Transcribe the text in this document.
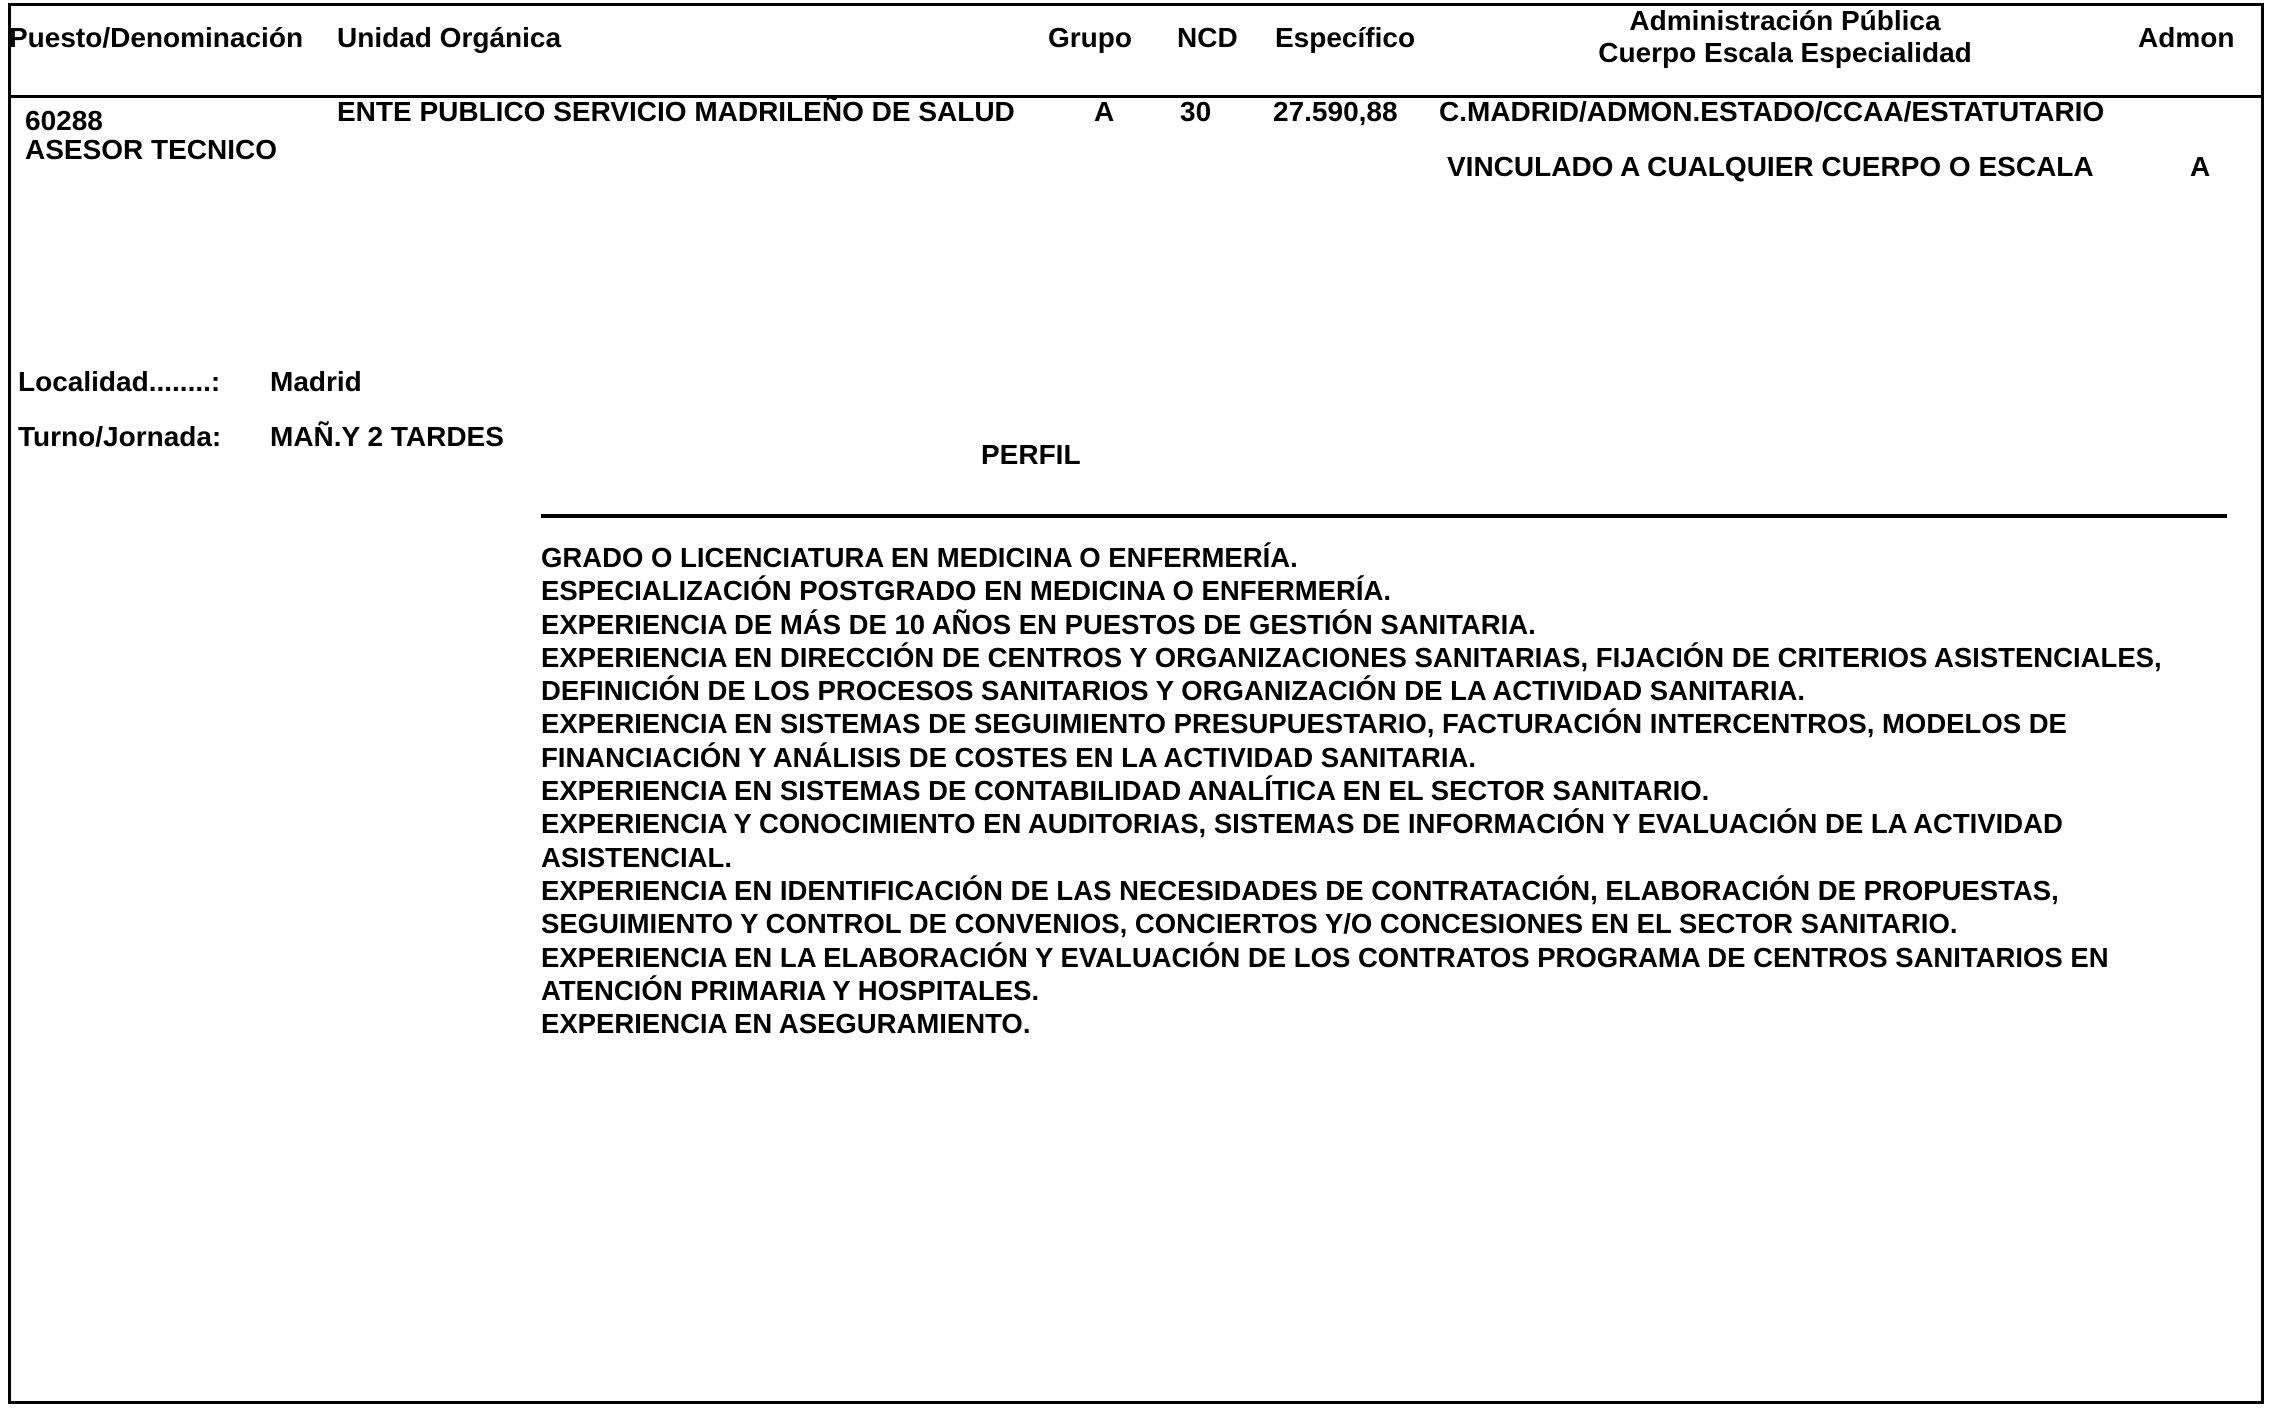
Puesto/Denominación Unidad Orgánica	Grupo NCD Específico
Administración Pública
Cuerpo Escala Especialidad	Admon
60288
ASESOR TECNICO
ENTE PUBLICO SERVICIO MADRILEÑO DE SALUD	A 30 27.590,88 C.MADRID/ADMON.ESTADO/CCAA/ESTATUTARIO
VINCULADO A CUALQUIER CUERPO O ESCALA	A
Localidad........: Madrid
Turno/Jornada: MAÑ.Y 2 TARDES
PERFIL
GRADO O LICENCIATURA EN MEDICINA O ENFERMERÍA.
ESPECIALIZACIÓN POSTGRADO EN MEDICINA O ENFERMERÍA.
EXPERIENCIA DE MÁS DE 10 AÑOS EN PUESTOS DE GESTIÓN SANITARIA.
EXPERIENCIA EN DIRECCIÓN DE CENTROS Y ORGANIZACIONES SANITARIAS, FIJACIÓN DE CRITERIOS ASISTENCIALES,
DEFINICIÓN DE LOS PROCESOS SANITARIOS Y ORGANIZACIÓN DE LA ACTIVIDAD SANITARIA.
EXPERIENCIA EN SISTEMAS DE SEGUIMIENTO PRESUPUESTARIO, FACTURACIÓN INTERCENTROS, MODELOS DE
FINANCIACIÓN Y ANÁLISIS DE COSTES EN LA ACTIVIDAD SANITARIA.
EXPERIENCIA EN SISTEMAS DE CONTABILIDAD ANALÍTICA EN EL SECTOR SANITARIO.
EXPERIENCIA Y CONOCIMIENTO EN AUDITORIAS, SISTEMAS DE INFORMACIÓN Y EVALUACIÓN DE LA ACTIVIDAD
ASISTENCIAL.
EXPERIENCIA EN IDENTIFICACIÓN DE LAS NECESIDADES DE CONTRATACIÓN, ELABORACIÓN DE PROPUESTAS,
SEGUIMIENTO Y CONTROL DE CONVENIOS, CONCIERTOS Y/O CONCESIONES EN EL SECTOR SANITARIO.
EXPERIENCIA EN LA ELABORACIÓN Y EVALUACIÓN DE LOS CONTRATOS PROGRAMA DE CENTROS SANITARIOS EN
ATENCIÓN PRIMARIA Y HOSPITALES.
EXPERIENCIA EN ASEGURAMIENTO.
